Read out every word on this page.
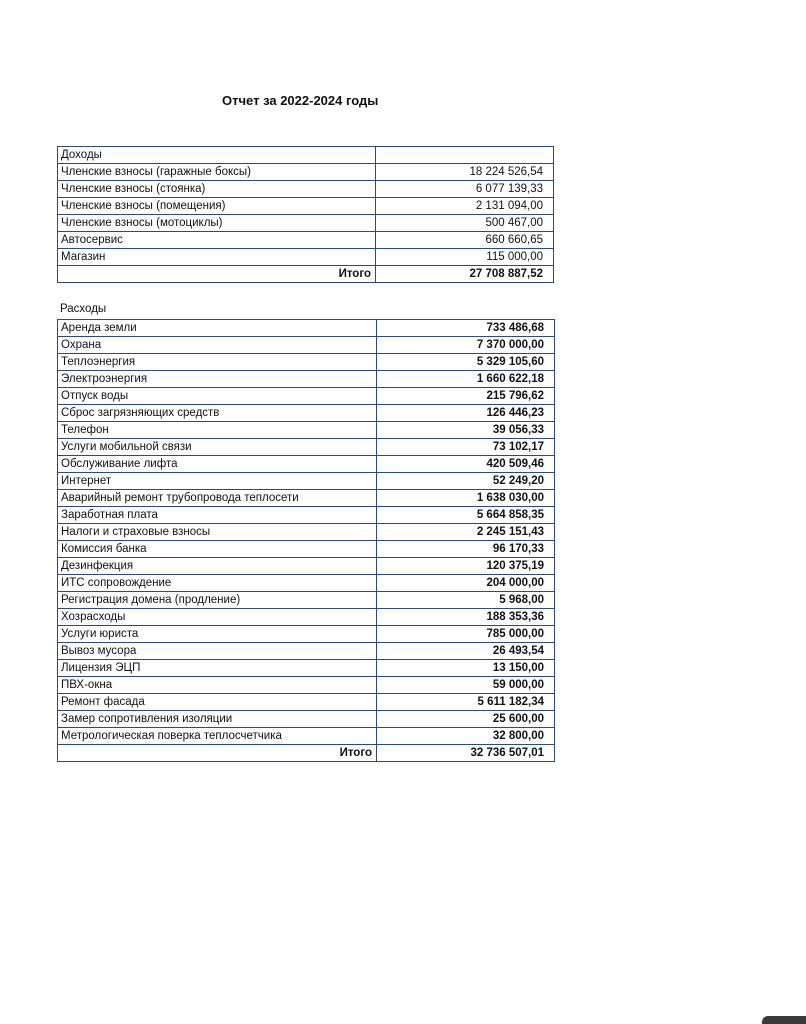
Отчет за 2022-2024 годы
Доходы	
Членские взносы (гаражные боксы)	18 224 526,54
Членские взносы (стоянка)	6 077 139,33
Членские взносы (помещения)	2 131 094,00
Членские взносы (мотоциклы)	500 467,00
Автосервис	660 660,65
Магазин	115 000,00
Итого	27 708 887,52
Расходы
Аренда земли	733 486,68
Охрана	7 370 000,00
Теплоэнергия	5 329 105,60
Электроэнергия	1 660 622,18
Отпуск воды	215 796,62
Сброс загрязняющих средств	126 446,23
Телефон	39 056,33
Услуги мобильной связи	73 102,17
Обслуживание лифта	420 509,46
Интернет	52 249,20
Аварийный ремонт трубопровода теплосети	1 638 030,00
Заработная плата	5 664 858,35
Налоги и страховые взносы	2 245 151,43
Комиссия банка	96 170,33
Дезинфекция	120 375,19
ИТС сопровождение	204 000,00
Регистрация домена (продление)	5 968,00
Хозрасходы	188 353,36
Услуги юриста	785 000,00
Вывоз мусора	26 493,54
Лицензия ЭЦП	13 150,00
ПВХ-окна	59 000,00
Ремонт фасада	5 611 182,34
Замер сопротивления изоляции	25 600,00
Метрологическая поверка теплосчетчика	32 800,00
Итого	32 736 507,01
